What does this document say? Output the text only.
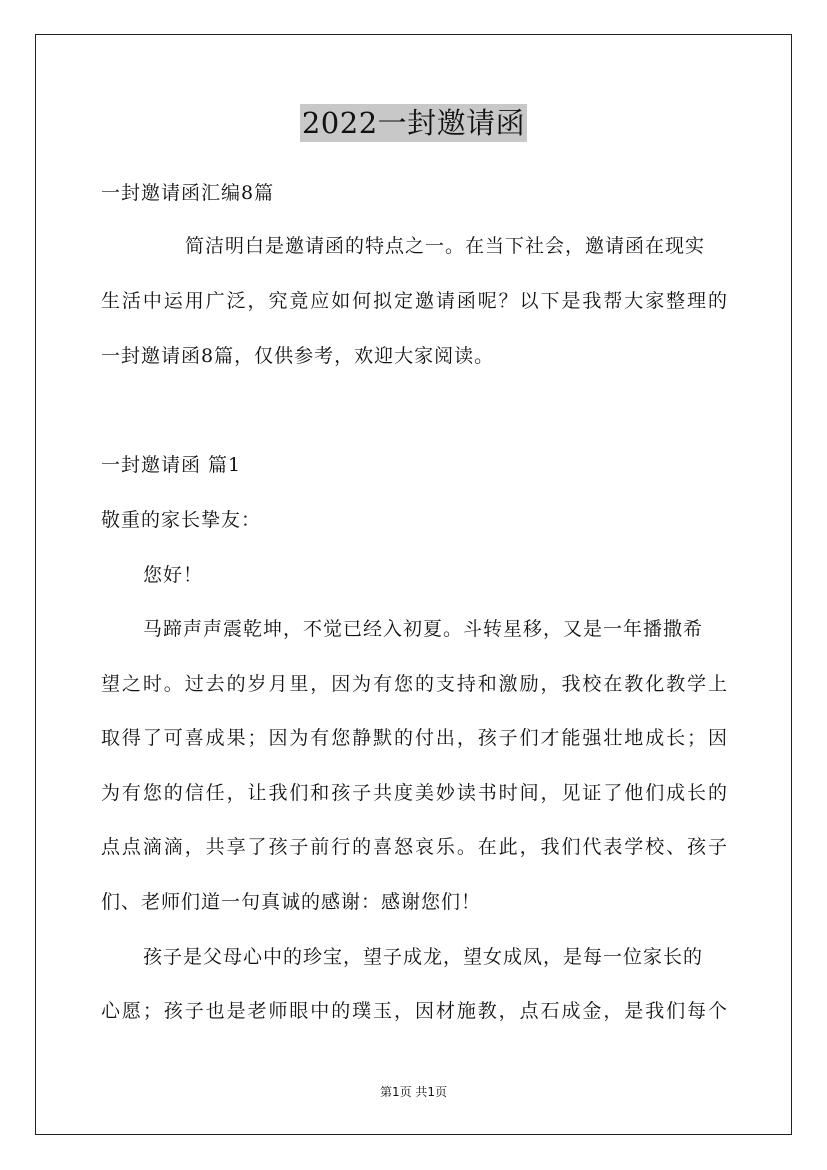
2022一封邀请函
一封邀请函汇编8篇
简洁明白是邀请函的特点之一。在当下社会，邀请函在现实
生活中运用广泛，究竟应如何拟定邀请函呢？以下是我帮大家整理的
一封邀请函8篇，仅供参考，欢迎大家阅读。
一封邀请函 篇1
敬重的家长挚友：
您好！
马蹄声声震乾坤，不觉已经入初夏。斗转星移，又是一年播撒希
望之时。过去的岁月里，因为有您的支持和激励，我校在教化教学上
取得了可喜成果；因为有您静默的付出，孩子们才能强壮地成长；因
为有您的信任，让我们和孩子共度美妙读书时间，见证了他们成长的
点点滴滴，共享了孩子前行的喜怒哀乐。在此，我们代表学校、孩子
们、老师们道一句真诚的感谢：感谢您们！
孩子是父母心中的珍宝，望子成龙，望女成凤，是每一位家长的
心愿；孩子也是老师眼中的璞玉，因材施教，点石成金，是我们每个
第1页 共1页
